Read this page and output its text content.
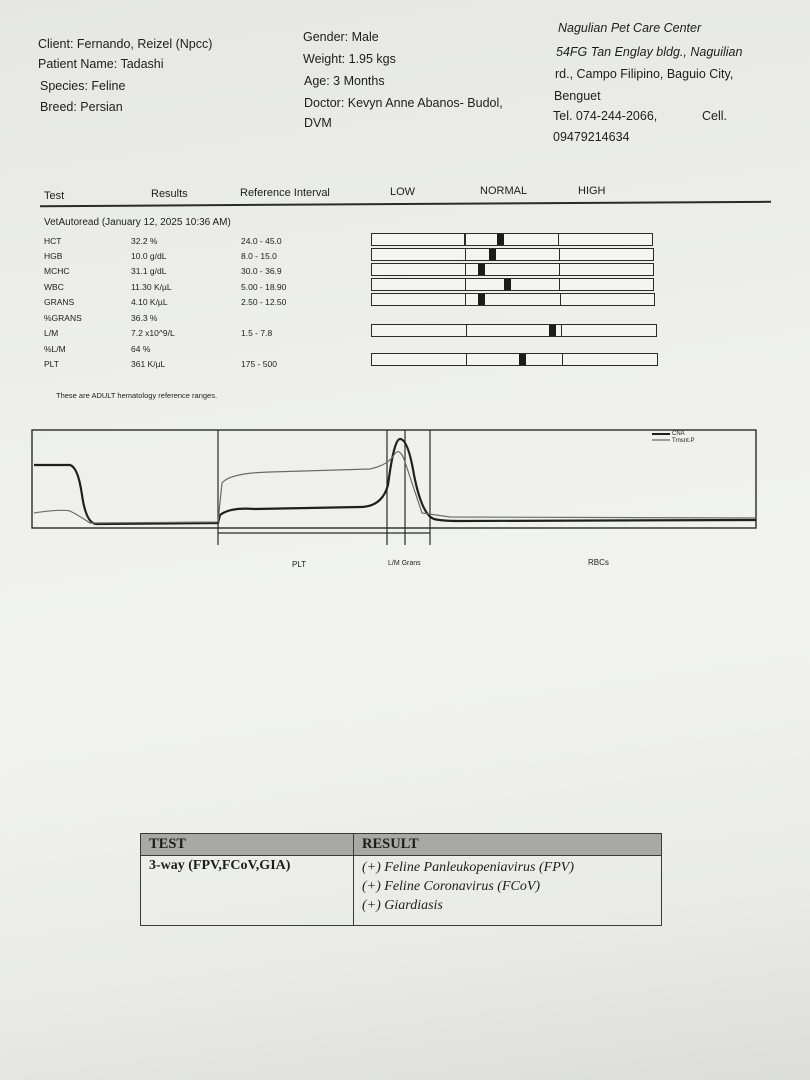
Client: Fernando, Reizel (Npcc)
Patient Name: Tadashi
Species: Feline
Breed: Persian
Gender: Male
Weight: 1.95 kgs
Age: 3 Months
Doctor: Kevyn Anne Abanos- Budol,
DVM
Nagulian Pet Care Center
54FG Tan Englay bldg., Naguilian
rd., Campo Filipino, Baguio City,
Benguet
Tel. 074-244-2066,	Cell.
09479214634
Test	Results	Reference Interval	LOW	NORMAL	HIGH
VetAutoread (January 12, 2025 10:36 AM)
HCT	32.2 %	24.0 - 45.0
HGB	10.0 g/dL	8.0 - 15.0
MCHC	31.1 g/dL	30.0 - 36.9
WBC	11.30 K/µL	5.00 - 18.90
GRANS	4.10 K/µL	2.50 - 12.50
%GRANS	36.3 %
L/M	7.2 x10^9/L	1.5 - 7.8
%L/M	64 %
PLT	361 K/µL	175 - 500
These are ADULT hematology reference ranges.
CNA
Trnsnt.P
PLT	L/M Grans	RBCs
TEST	RESULT
3-way (FPV,FCoV,GIA)	(+) Feline Panleukopeniavirus (FPV)
(+) Feline Coronavirus (FCoV)
(+) Giardiasis
